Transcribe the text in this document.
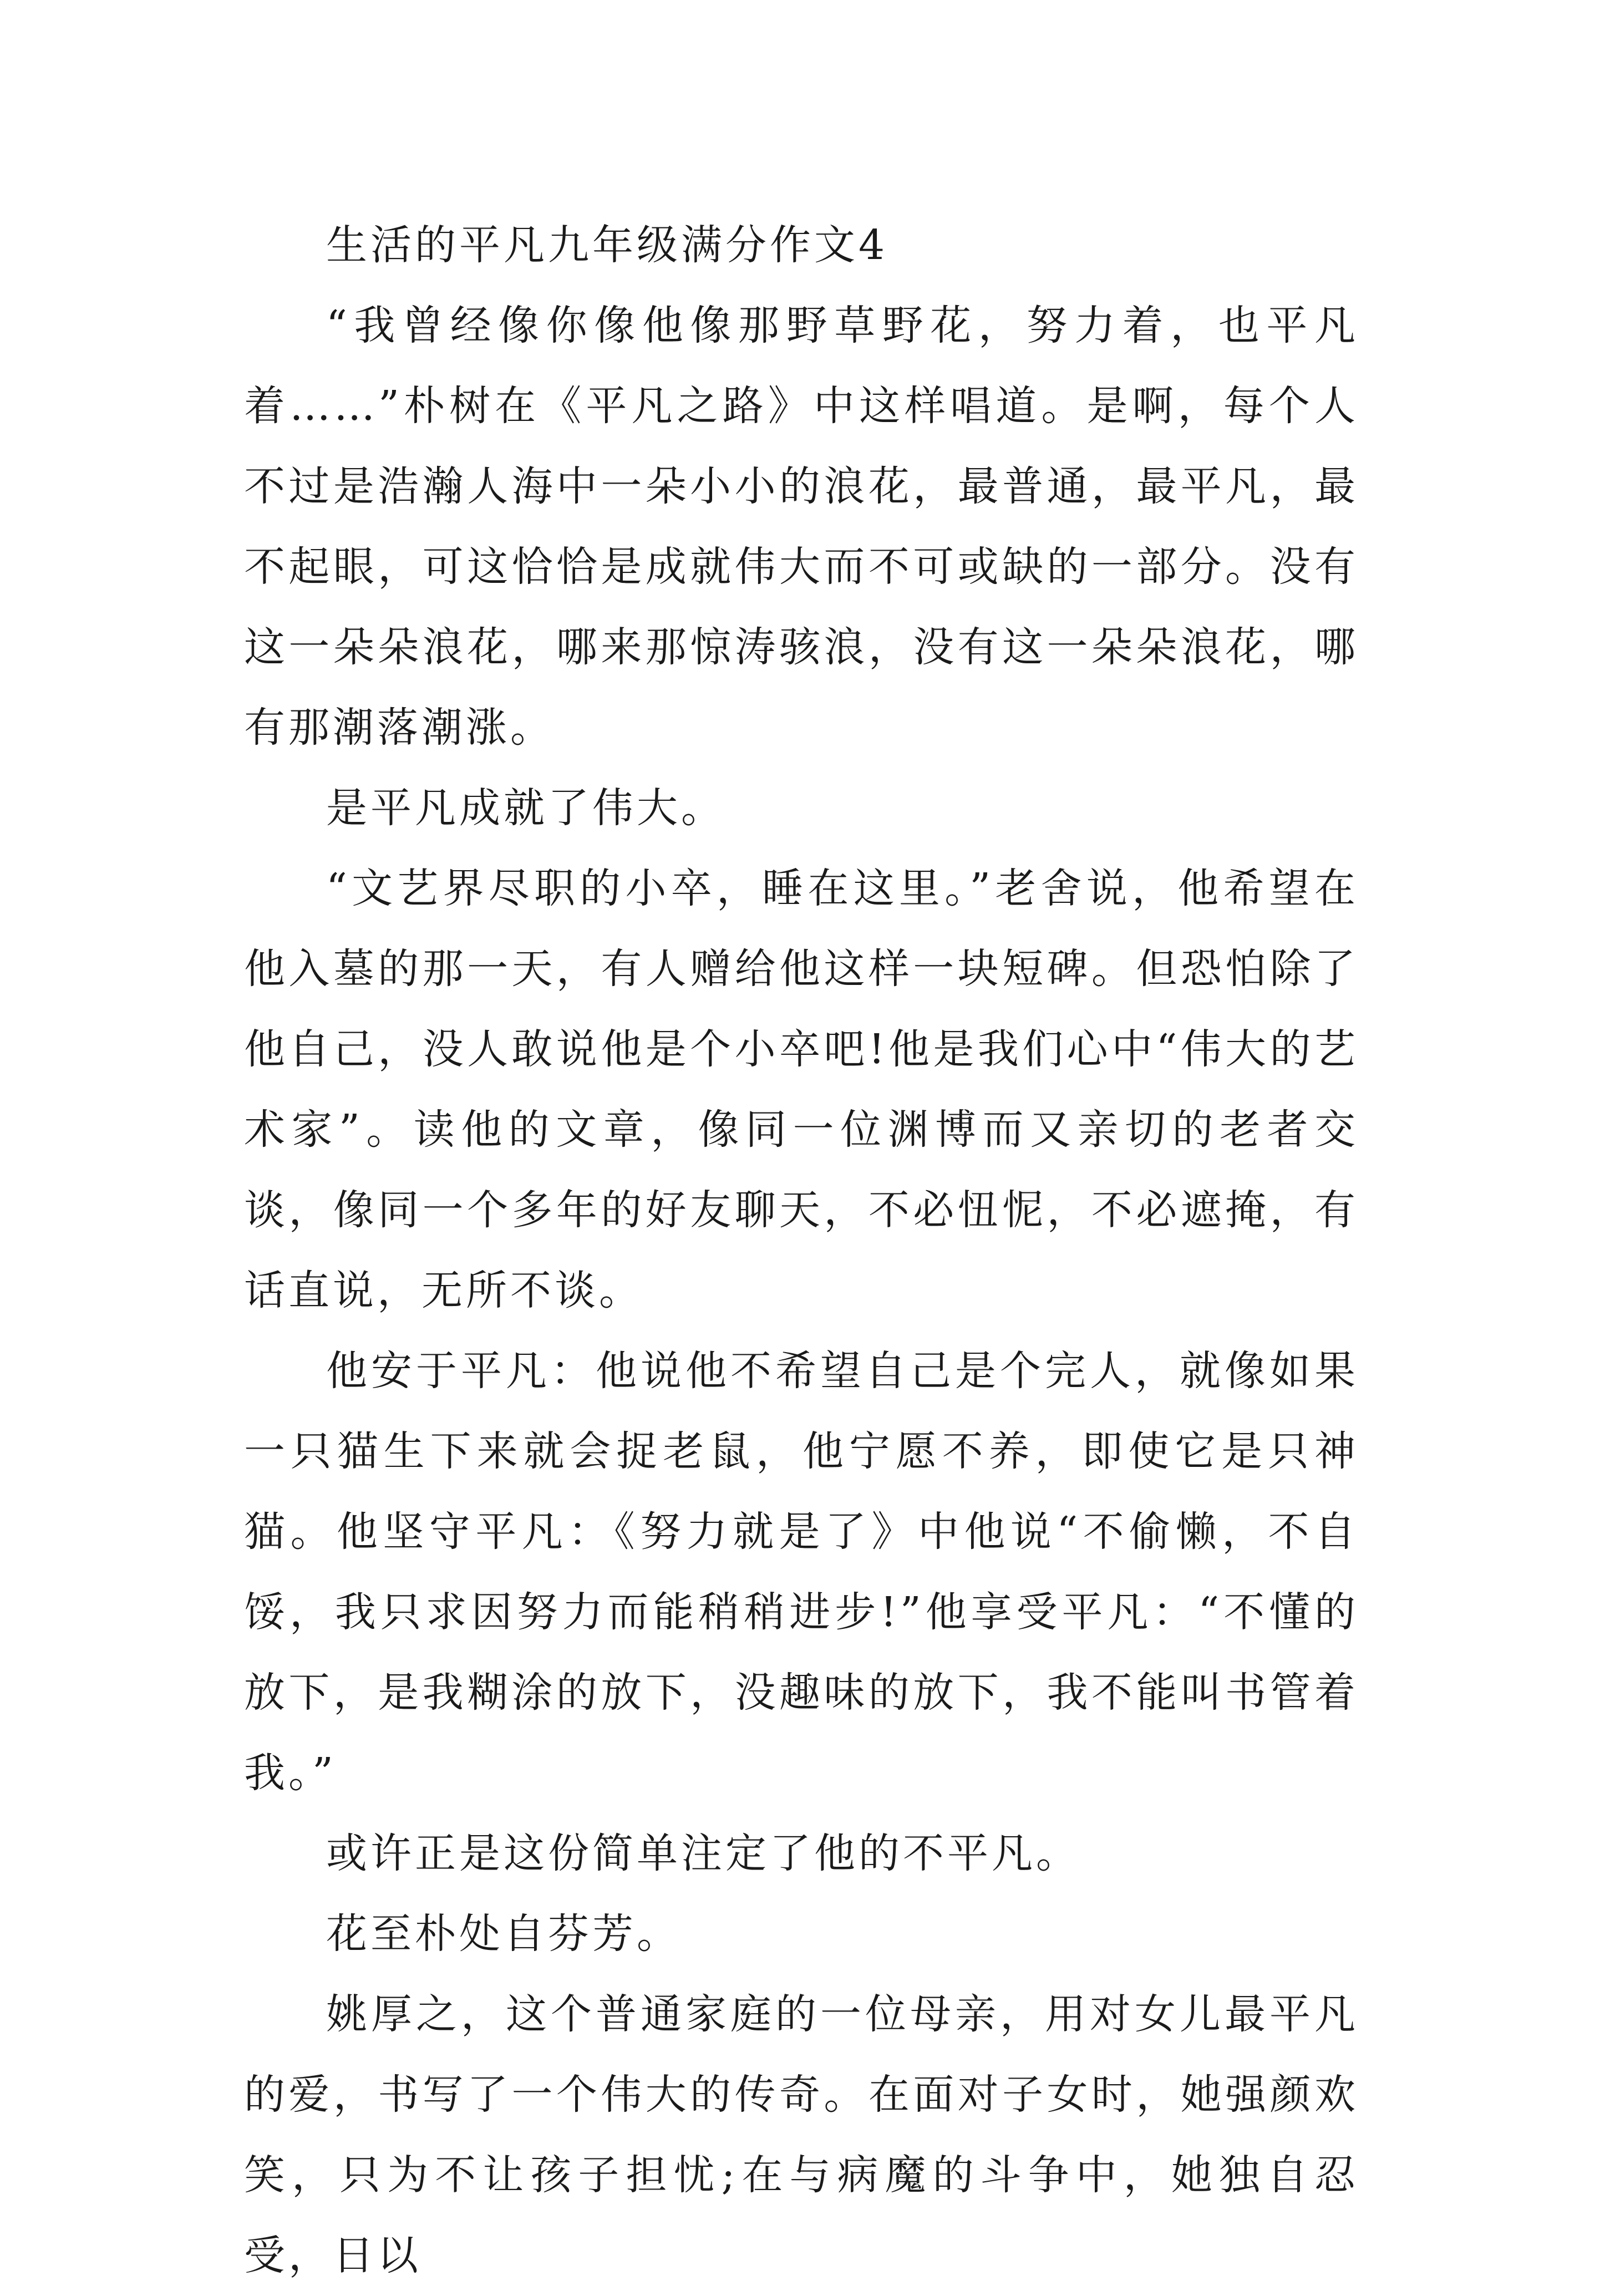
生活的平凡九年级满分作文4

“我曾经像你像他像那野草野花，努力着，也平凡着……”朴树在《平凡之路》中这样唱道。是啊，每个人不过是浩瀚人海中一朵小小的浪花，最普通，最平凡，最不起眼，可这恰恰是成就伟大而不可或缺的一部分。没有这一朵朵浪花，哪来那惊涛骇浪，没有这一朵朵浪花，哪有那潮落潮涨。

是平凡成就了伟大。

“文艺界尽职的小卒，睡在这里。”老舍说，他希望在他入墓的那一天，有人赠给他这样一块短碑。但恐怕除了他自己，没人敢说他是个小卒吧!他是我们心中“伟大的艺术家”。读他的文章，像同一位渊博而又亲切的老者交谈，像同一个多年的好友聊天，不必忸怩，不必遮掩，有话直说，无所不谈。

他安于平凡：他说他不希望自己是个完人，就像如果一只猫生下来就会捉老鼠，他宁愿不养，即使它是只神猫。他坚守平凡：《努力就是了》中他说“不偷懒，不自馁，我只求因努力而能稍稍进步!”他享受平凡：“不懂的放下，是我糊涂的放下，没趣味的放下，我不能叫书管着我。”

或许正是这份简单注定了他的不平凡。

花至朴处自芬芳。

姚厚之，这个普通家庭的一位母亲，用对女儿最平凡的爱，书写了一个伟大的传奇。在面对子女时，她强颜欢笑，只为不让孩子担忧;在与病魔的斗争中，她独自忍受，日以
